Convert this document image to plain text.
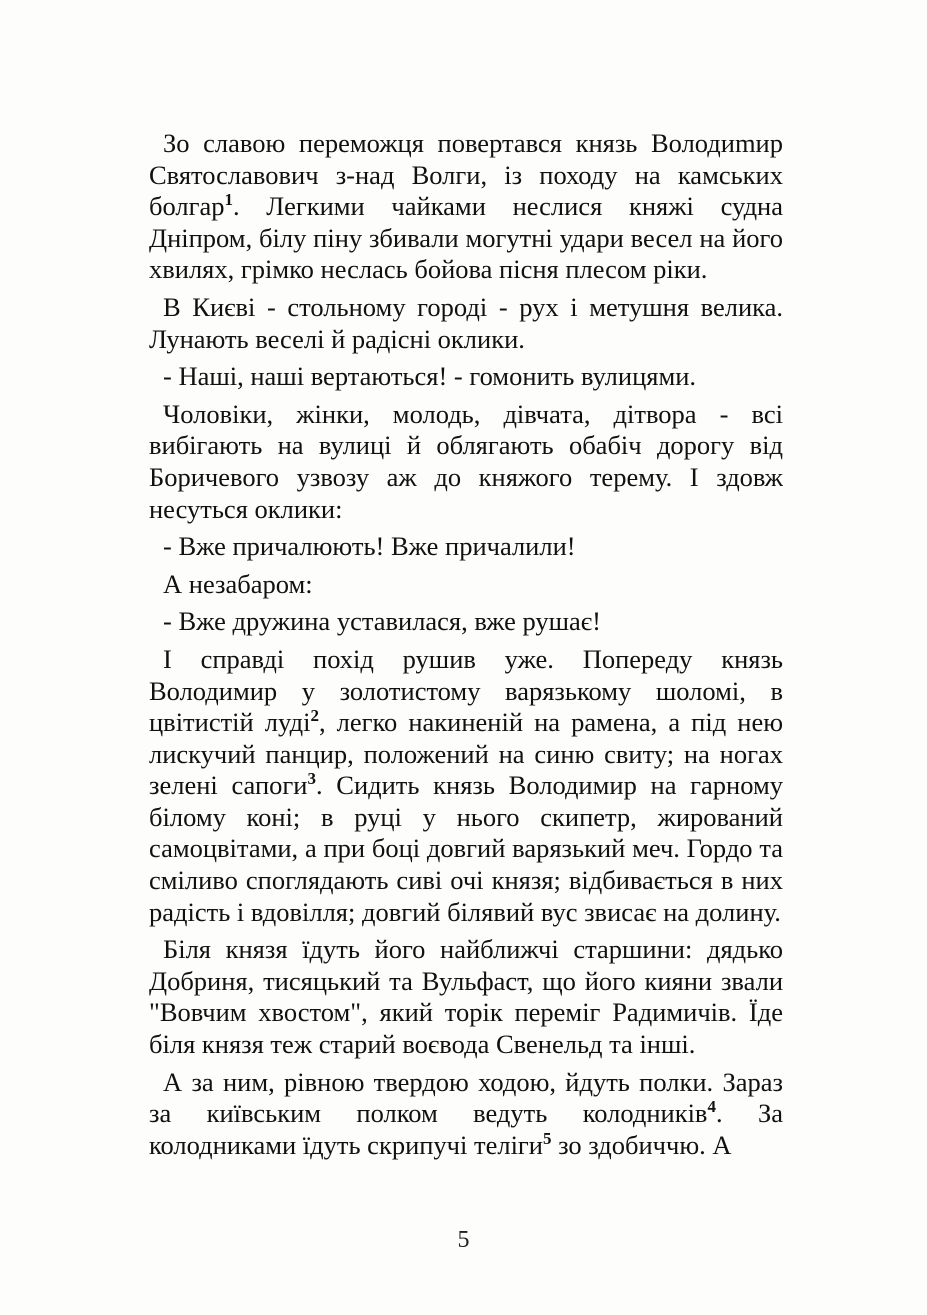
Зо славою переможця повертався князь Володиmир Святославович з-над Волги, із походу на камських болгар$^1$. Легкими чайками неслися княжі судна Дніпром, білу піну збивали могутні удари весел на його хвилях, грімко неслась бойова пісня плесом ріки.

В Києві - стольному городі - рух і метушня велика. Лунають веселі й радісні оклики.

- Наші, наші вертаються! - гомонить вулицями.

Чоловіки, жінки, молодь, дівчата, дітвора - всі вибігають на вулиці й облягають обабіч дорогу від Боричевого узвозу аж до княжого терему. І здовж несуться оклики:

- Вже причалюють! Вже причалили!

А незабаром:

- Вже дружина уставилася, вже рушає!

І справді похід рушив уже. Попереду князь Володимир у золотистому варязькому шоломі, в цвітистій луді$^2$, легко накиненій на рамена, а під нею лискучий панцир, положений на синю свиту; на ногах зелені сапоги$^3$. Сидить князь Володимир на гарному білому коні; в руці у нього скипетр, жирований самоцвітами, а при боці довгий варязький меч. Гордо та сміливо споглядають сиві очі князя; відбивається в них радість і вдовілля; довгий білявий вус звисає на долину.

Біля князя їдуть його найближчі старшини: дядько Добриня, тисяцький та Вульфаст, що його кияни звали "Вовчим хвостом", який торік переміг Радимичів. Їде біля князя теж старий воєвода Свенельд та інші.

А за ним, рівною твердою ходою, йдуть полки. Зараз за київським полком ведуть колодників$^4$. За колодниками їдуть скрипучі теліги$^5$ зо здобиччю. А

5
